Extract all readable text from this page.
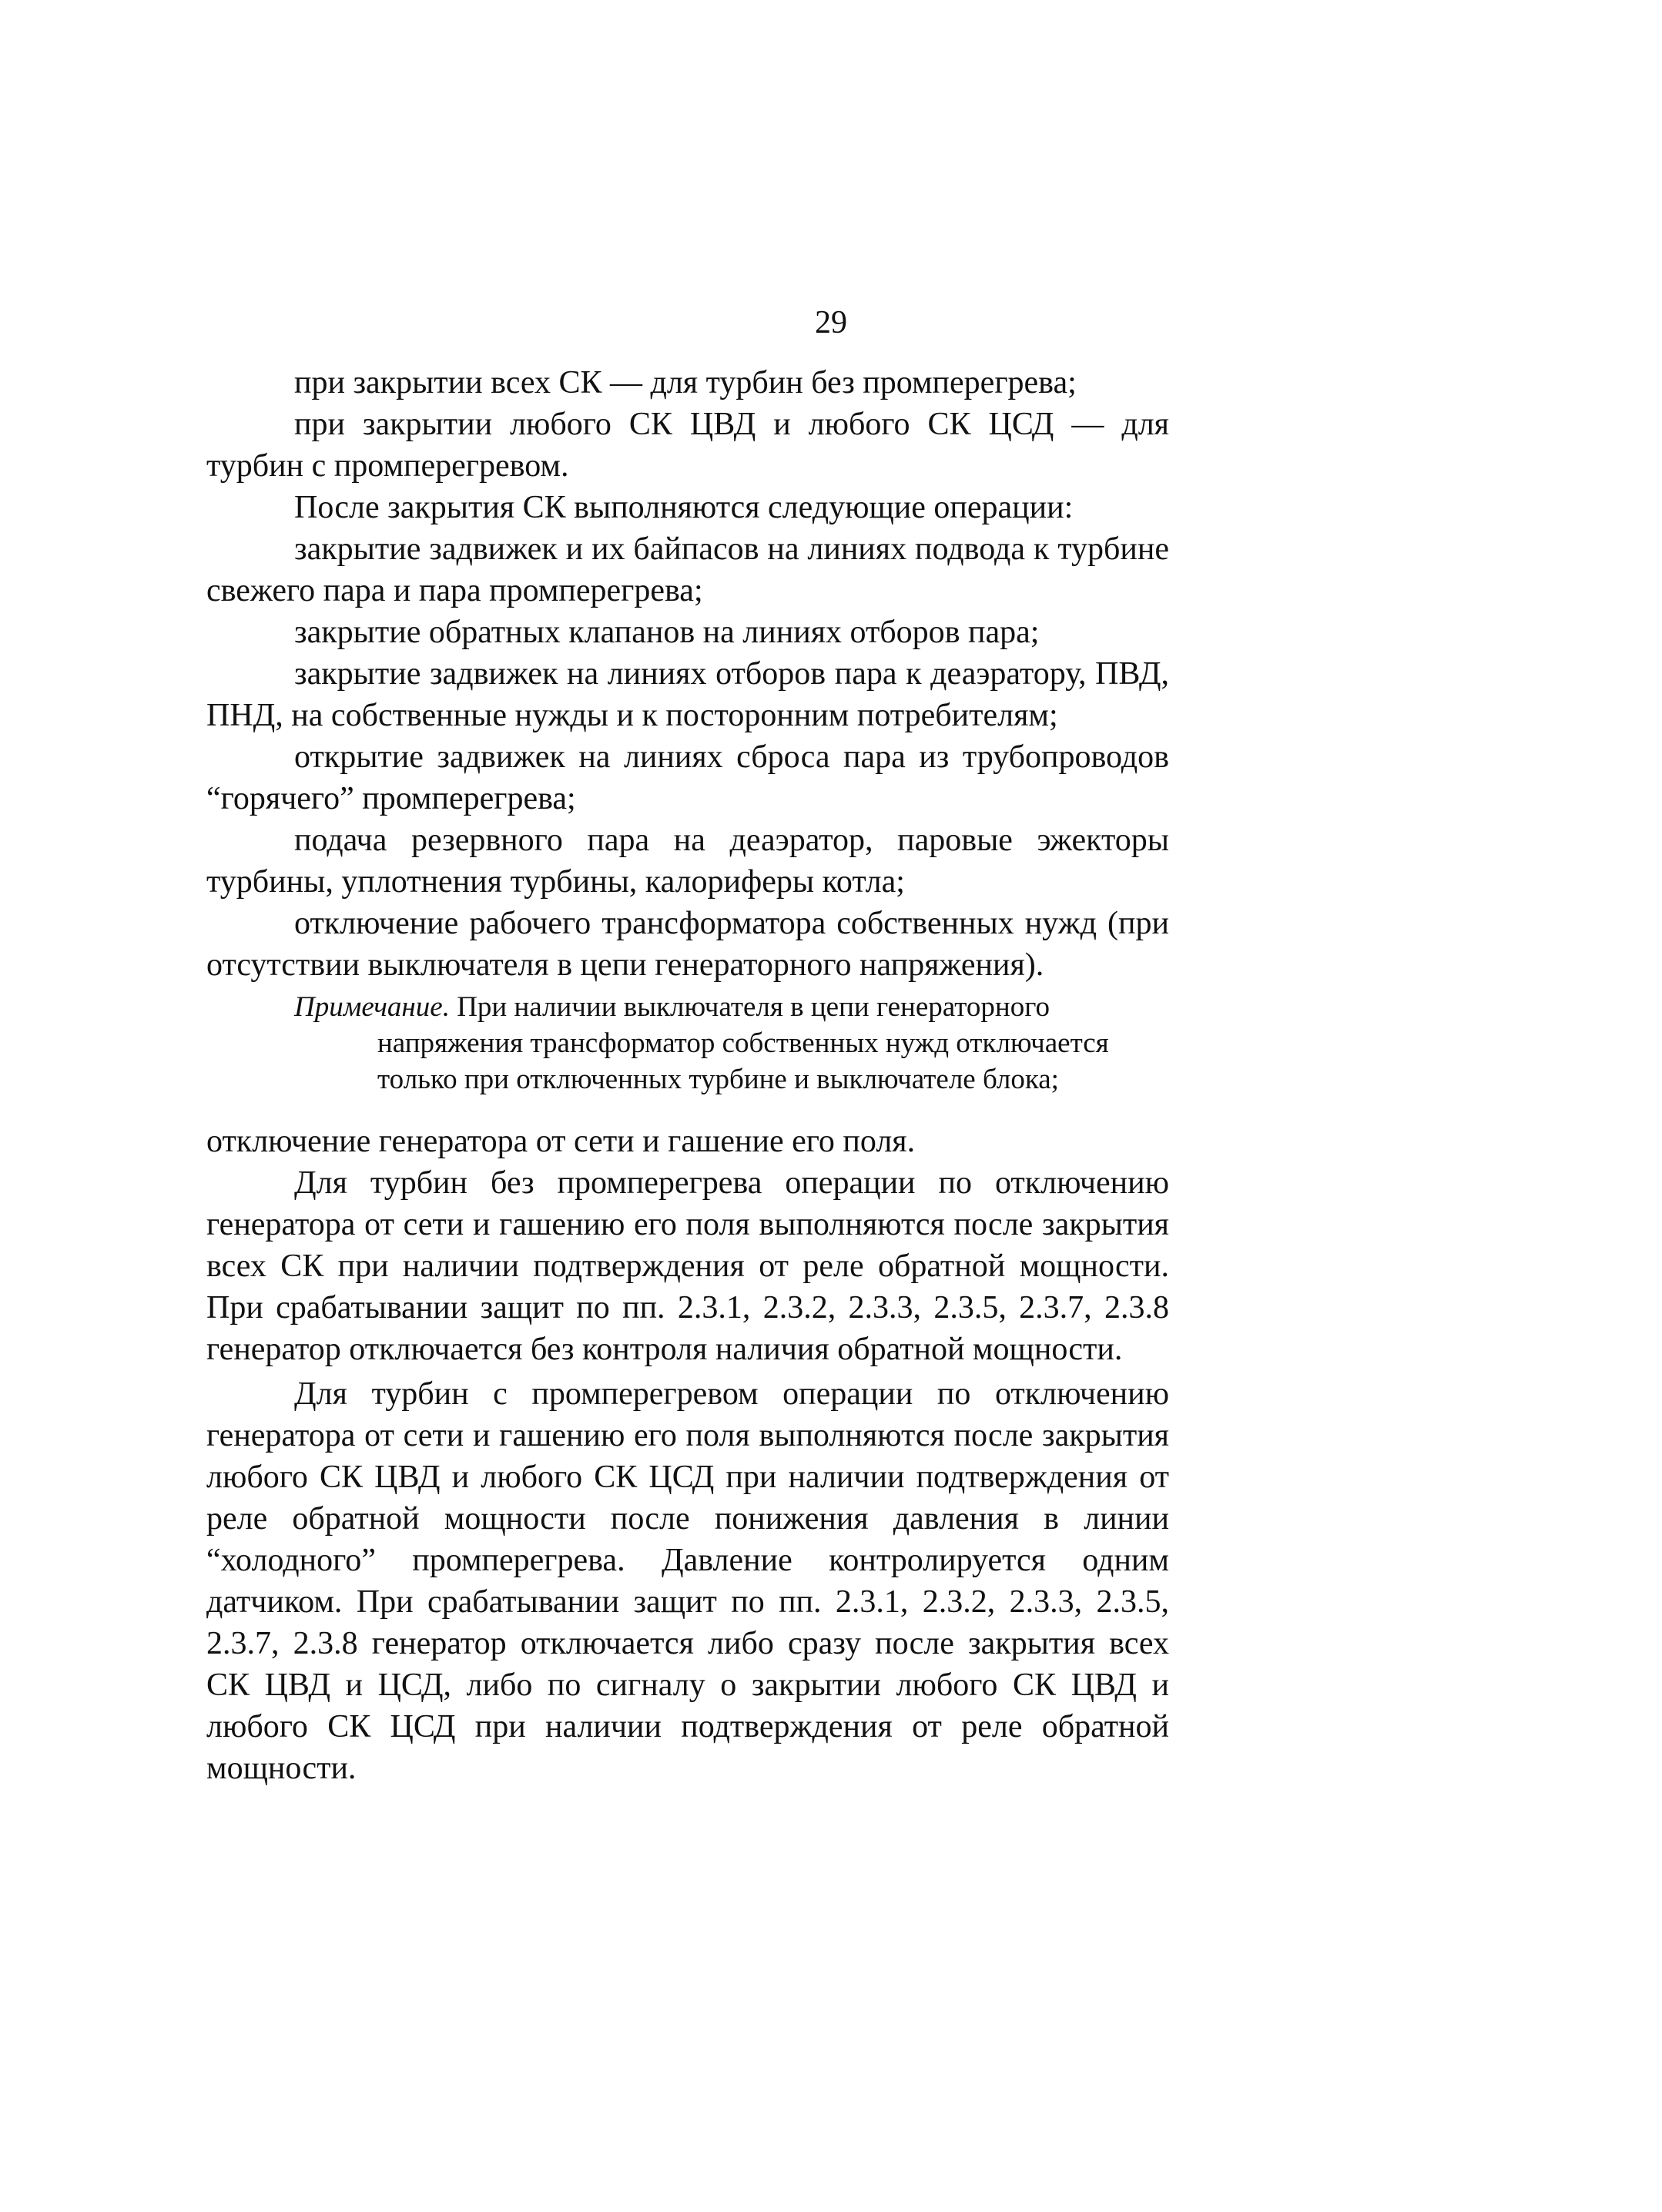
29

при закрытии всех СК — для турбин без промперегрева;

при закрытии любого СК ЦВД и любого СК ЦСД — для турбин с промперегревом.

После закрытия СК выполняются следующие операции:

закрытие задвижек и их байпасов на линиях подвода к турбине свежего пара и пара промперегрева;

закрытие обратных клапанов на линиях отборов пара;

закрытие задвижек на линиях отборов пара к деаэратору, ПВД, ПНД, на собственные нужды и к посторонним потребителям;

открытие задвижек на линиях сброса пара из трубопроводов “горячего” промперегрева;

подача резервного пара на деаэратор, паровые эжекторы турбины, уплотнения турбины, калориферы котла;

отключение рабочего трансформатора собственных нужд (при отсутствии выключателя в цепи генераторного напряжения).

Примечание. При наличии выключателя в цепи генераторного
напряжения трансформатор собственных нужд отключается
только при отключенных турбине и выключателе блока;

отключение генератора от сети и гашение его поля.

Для турбин без промперегрева операции по отключению генератора от сети и гашению его поля выполняются после закрытия всех СК при наличии подтверждения от реле обратной мощности. При срабатывании защит по пп. 2.3.1, 2.3.2, 2.3.3, 2.3.5, 2.3.7, 2.3.8 генератор отключается без контроля наличия обратной мощности.

Для турбин с промперегревом операции по отключению генератора от сети и гашению его поля выполняются после закрытия любого СК ЦВД и любого СК ЦСД при наличии подтверждения от реле обратной мощности после понижения давления в линии “холодного” промперегрева. Давление контролируется одним датчиком. При срабатывании защит по пп. 2.3.1, 2.3.2, 2.3.3, 2.3.5, 2.3.7, 2.3.8 генератор отключается либо сразу после закрытия всех СК ЦВД и ЦСД, либо по сигналу о закрытии любого СК ЦВД и любого СК ЦСД при наличии подтверждения от реле обратной мощности.
